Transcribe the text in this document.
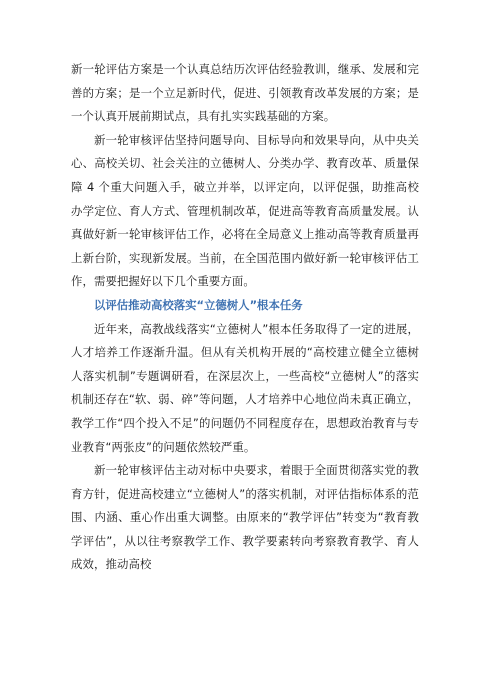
新一轮评估方案是一个认真总结历次评估经验教训，继承、发展和完善的方案；是一个立足新时代，促进、引领教育改革发展的方案；是一个认真开展前期试点，具有扎实实践基础的方案。

新一轮审核评估坚持问题导向、目标导向和效果导向，从中央关心、高校关切、社会关注的立德树人、分类办学、教育改革、质量保障 4 个重大问题入手，破立并举，以评定向，以评促强，助推高校办学定位、育人方式、管理机制改革，促进高等教育高质量发展。认真做好新一轮审核评估工作，必将在全局意义上推动高等教育质量再上新台阶，实现新发展。当前，在全国范围内做好新一轮审核评估工作，需要把握好以下几个重要方面。

以评估推动高校落实“立德树人”根本任务

近年来，高教战线落实“立德树人”根本任务取得了一定的进展，人才培养工作逐渐升温。但从有关机构开展的“高校建立健全立德树人落实机制”专题调研看，在深层次上，一些高校“立德树人”的落实机制还存在“软、弱、碎”等问题，人才培养中心地位尚未真正确立，教学工作“四个投入不足”的问题仍不同程度存在，思想政治教育与专业教育“两张皮”的问题依然较严重。

新一轮审核评估主动对标中央要求，着眼于全面贯彻落实党的教育方针，促进高校建立“立德树人”的落实机制，对评估指标体系的范围、内涵、重心作出重大调整。由原来的“教学评估”转变为“教育教学评估”，从以往考察教学工作、教学要素转向考察教育教学、育人成效，推动高校
